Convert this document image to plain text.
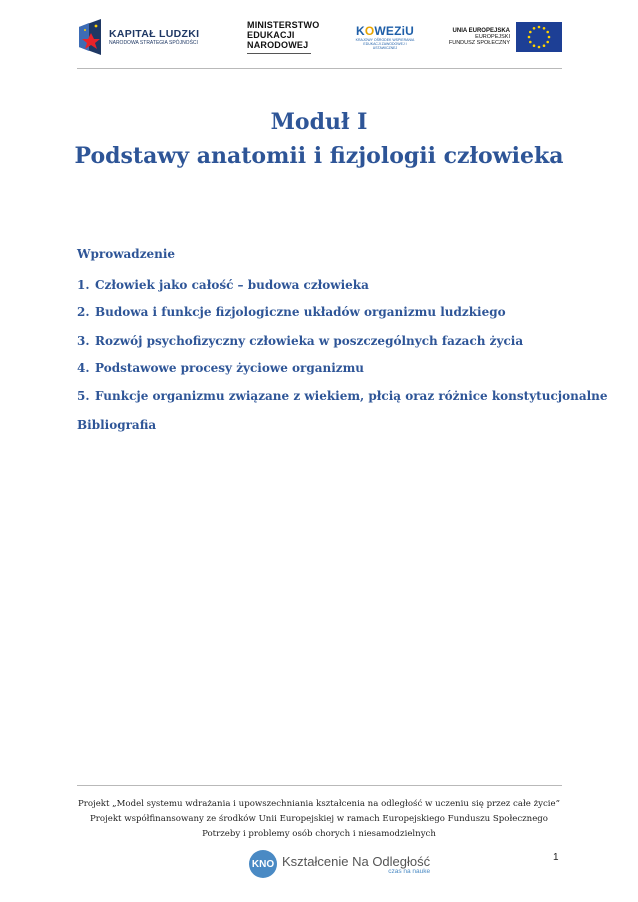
KAPITAŁ LUDZKI
NARODOWA STRATEGIA SPÓJNOŚCI
MINISTERSTWO
EDUKACJI
NARODOWEJ
KOWEZiU
KRAJOWY OŚRODEK WSPIERANIA EDUKACJI ZAWODOWEJ I USTAWICZNEJ
UNIA EUROPEJSKA
EUROPEJSKI
FUNDUSZ SPOŁECZNY
Moduł I
Podstawy anatomii i fizjologii człowieka
Wprowadzenie
1. Człowiek jako całość – budowa człowieka
2. Budowa i funkcje fizjologiczne układów organizmu ludzkiego
3. Rozwój psychofizyczny człowieka w poszczególnych fazach życia
4. Podstawowe procesy życiowe organizmu
5. Funkcje organizmu związane z wiekiem, płcią oraz różnice konstytucjonalne
Bibliografia
Projekt „Model systemu wdrażania i upowszechniania kształcenia na odległość w uczeniu się przez całe życie”
Projekt współfinansowany ze środków Unii Europejskiej w ramach Europejskiego Funduszu Społecznego
Potrzeby i problemy osób chorych i niesamodzielnych
KNO Kształcenie Na Odległość
czas na nauke
1
